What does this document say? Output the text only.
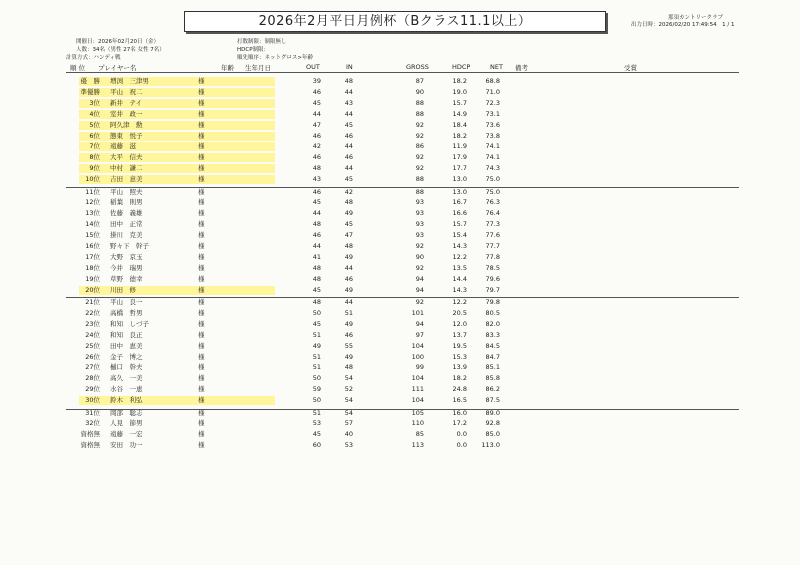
2026年2月平日月例杯（Bクラス11.1以上）	那須カントリークラブ
出力日時：2026/02/20 17:49:54　1 / 1
開催日：2026年02月20日（金）
人数：34名（男性 27名 女性 7名）
計算方式：ハンディ戦
打数制限：制限無し
HDCP制限：
順先順序：ネットグロス>年齢
順 位 プレイヤー名	年齢 生年月日	OUT	IN	GROSS	HDCP	NET 備考	受賞
優　勝 増渕　三津男	様	39	48	87	18.2	68.8
準優勝 平山　祝二	様	46	44	90	19.0	71.0
3位 新井　テイ	様	45	43	88	15.7	72.3
4位 室井　政一	様	44	44	88	14.9	73.1
5位 阿久津　勲	様	47	45	92	18.4	73.6
6位 態東　悦子	様	46	46	92	18.2	73.8
7位 遠藤　滋	様	42	44	86	11.9	74.1
8位 大平　信夫	様	46	46	92	17.9	74.1
9位 中村　謙二	様	48	44	92	17.7	74.3
10位 吉田　意美	様	43	45	88	13.0	75.0
11位 平山　照夫	様	46	42	88	13.0	75.0
12位 稲葉　則男	様	45	48	93	16.7	76.3
13位 佐藤　義雄	様	44	49	93	16.6	76.4
14位 田中　正常	様	48	45	93	15.7	77.3
15位 掛川　克美	様	46	47	93	15.4	77.6
16位 野々下　幹子	様	44	48	92	14.3	77.7
17位 大野　京玉	様	41	49	90	12.2	77.8
18位 今井　瑞男	様	48	44	92	13.5	78.5
19位 草野　德幸	様	48	46	94	14.4	79.6
20位 川田　修	様	45	49	94	14.3	79.7
21位 平山　良一	様	48	44	92	12.2	79.8
22位 高橋　哲男	様	50	51	101	20.5	80.5
23位 和知　しづ子	様	45	49	94	12.0	82.0
24位 和知　良正	様	51	46	97	13.7	83.3
25位 田中　恵美	様	49	55	104	19.5	84.5
26位 金子　博之	様	51	49	100	15.3	84.7
27位 樋口　幹夫	様	51	48	99	13.9	85.1
28位 高久　一美	様	50	54	104	18.2	85.8
29位 水谷　一恵	様	59	52	111	24.8	86.2
30位 鈴木　利弘	様	50	54	104	16.5	87.5
31位 岡部　聡志	様	51	54	105	16.0	89.0
32位 人見　節男	様	53	57	110	17.2	92.8
資格無 遠藤　一宏	様	45	40	85	0.0	85.0
資格無 安田　功一	様	60	53	113	0.0 113.0
